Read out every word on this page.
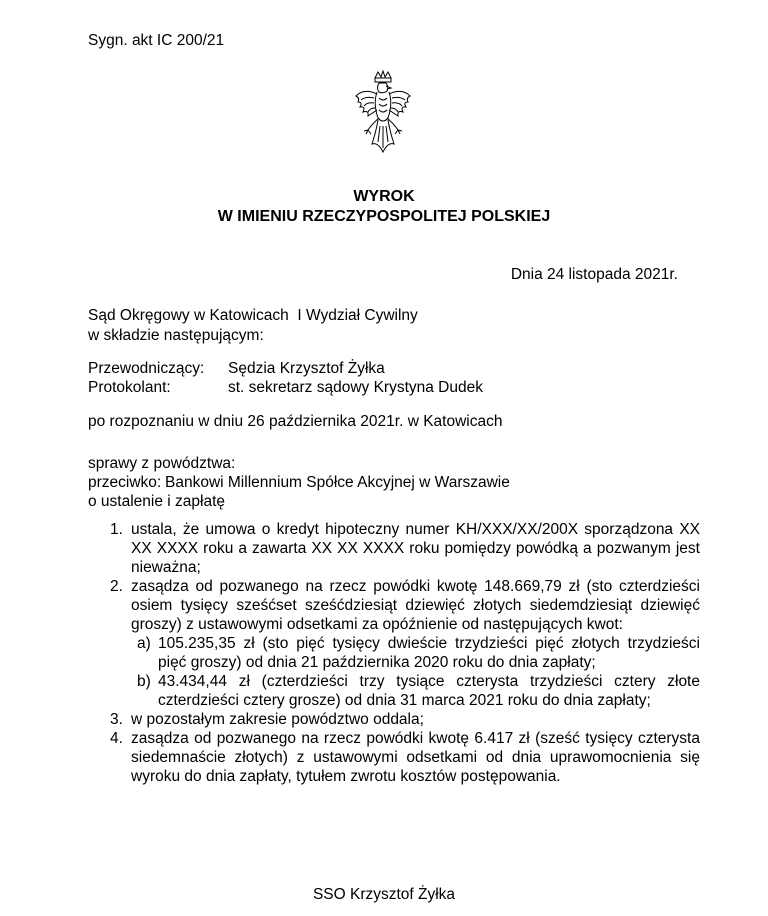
Sygn. akt IC 200/21
WYROK
W IMIENIU RZECZYPOSPOLITEJ POLSKIEJ
Dnia 24 listopada 2021r.
Sąd Okręgowy w Katowicach  I Wydział Cywilny
w składzie następującym:
Przewodniczący: Sędzia Krzysztof Żyłka
Protokolant:	st. sekretarz sądowy Krystyna Dudek
po rozpoznaniu w dniu 26 października 2021r. w Katowicach
sprawy z powództwa:
przeciwko: Bankowi Millennium Spółce Akcyjnej w Warszawie
o ustalenie i zapłatę
1. ustala, że umowa o kredyt hipoteczny numer KH/XXX/XX/200X sporządzona XX XX XXXX roku a zawarta XX XX XXXX roku pomiędzy powódką a pozwanym jest nieważna;
2. zasądza od pozwanego na rzecz powódki kwotę 148.669,79 zł (sto czterdzieści osiem tysięcy sześćset sześćdziesiąt dziewięć złotych siedemdziesiąt dziewięć groszy) z ustawowymi odsetkami za opóźnienie od następujących kwot:
a) 105.235,35 zł (sto pięć tysięcy dwieście trzydzieści pięć złotych trzydzieści pięć groszy) od dnia 21 października 2020 roku do dnia zapłaty;
b) 43.434,44 zł (czterdzieści trzy tysiące czterysta trzydzieści cztery złote czterdzieści cztery grosze) od dnia 31 marca 2021 roku do dnia zapłaty;
3. w pozostałym zakresie powództwo oddala;
4. zasądza od pozwanego na rzecz powódki kwotę 6.417 zł (sześć tysięcy czterysta siedemnaście złotych) z ustawowymi odsetkami od dnia uprawomocnienia się wyroku do dnia zapłaty, tytułem zwrotu kosztów postępowania.
SSO Krzysztof Żyłka
